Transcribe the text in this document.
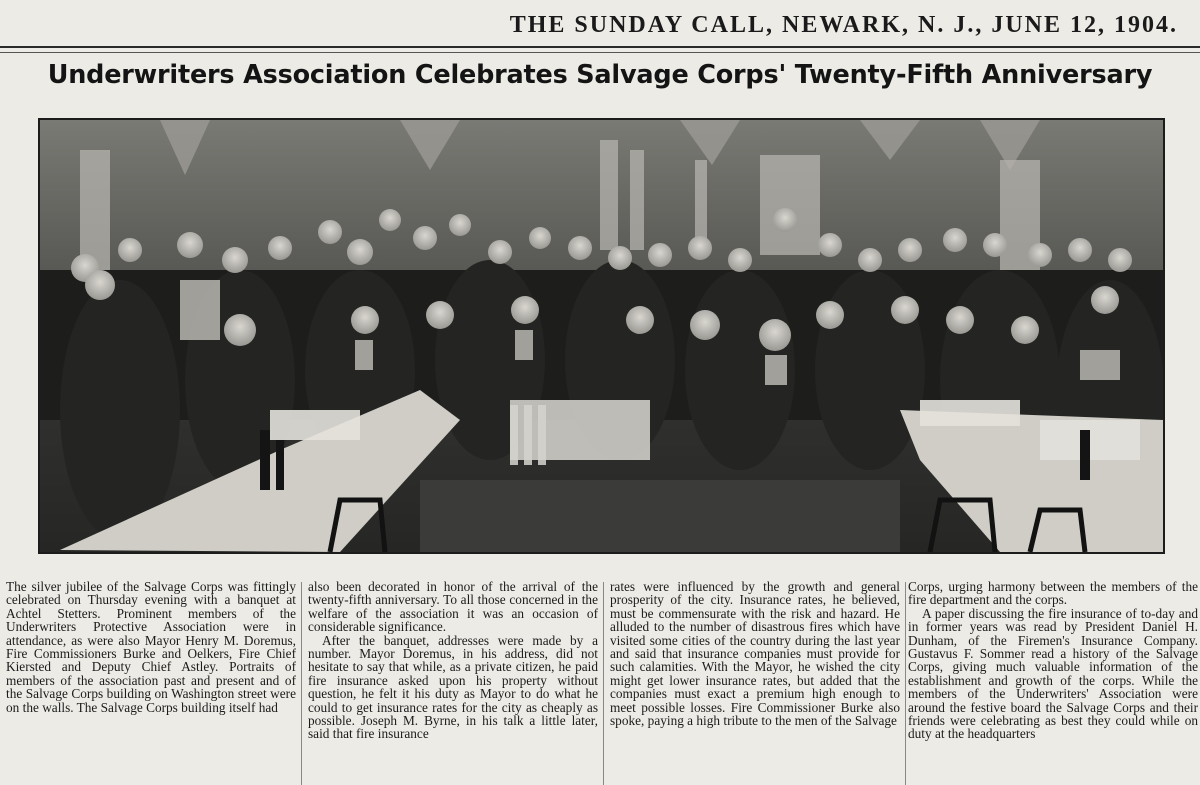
THE SUNDAY CALL, NEWARK, N. J., JUNE 12, 1904.
Underwriters Association Celebrates Salvage Corps' Twenty-Fifth Anniversary

The silver jubilee of the Salvage Corps was fittingly celebrated on Thursday evening with a banquet at Achtel Stetters. Prominent members of the Underwriters Protective Association were in attendance, as were also Mayor Henry M. Doremus, Fire Commissioners Burke and Oelkers, Fire Chief Kiersted and Deputy Chief Astley. Portraits of members of the association past and present and of the Salvage Corps building on Washington street were on the walls. The Salvage Corps building itself had

also been decorated in honor of the arrival of the twenty-fifth anniversary. To all those concerned in the welfare of the association it was an occasion of considerable significance.

After the banquet, addresses were made by a number. Mayor Doremus, in his address, did not hesitate to say that while, as a private citizen, he paid fire insurance asked upon his property without question, he felt it his duty as Mayor to do what he could to get insurance rates for the city as cheaply as possible. Joseph M. Byrne, in his talk a little later, said that fire insurance

rates were influenced by the growth and general prosperity of the city. Insurance rates, he believed, must be commensurate with the risk and hazard. He alluded to the number of disastrous fires which have visited some cities of the country during the last year and said that insurance companies must provide for such calamities. With the Mayor, he wished the city might get lower insurance rates, but added that the companies must exact a premium high enough to meet possible losses. Fire Commissioner Burke also spoke, paying a high tribute to the men of the Salvage

Corps, urging harmony between the members of the fire department and the corps.

A paper discussing the fire insurance of to-day and in former years was read by President Daniel H. Dunham, of the Firemen's Insurance Company. Gustavus F. Sommer read a history of the Salvage Corps, giving much valuable information of the establishment and growth of the corps. While the members of the Underwriters' Association were around the festive board the Salvage Corps and their friends were celebrating as best they could while on duty at the headquarters
